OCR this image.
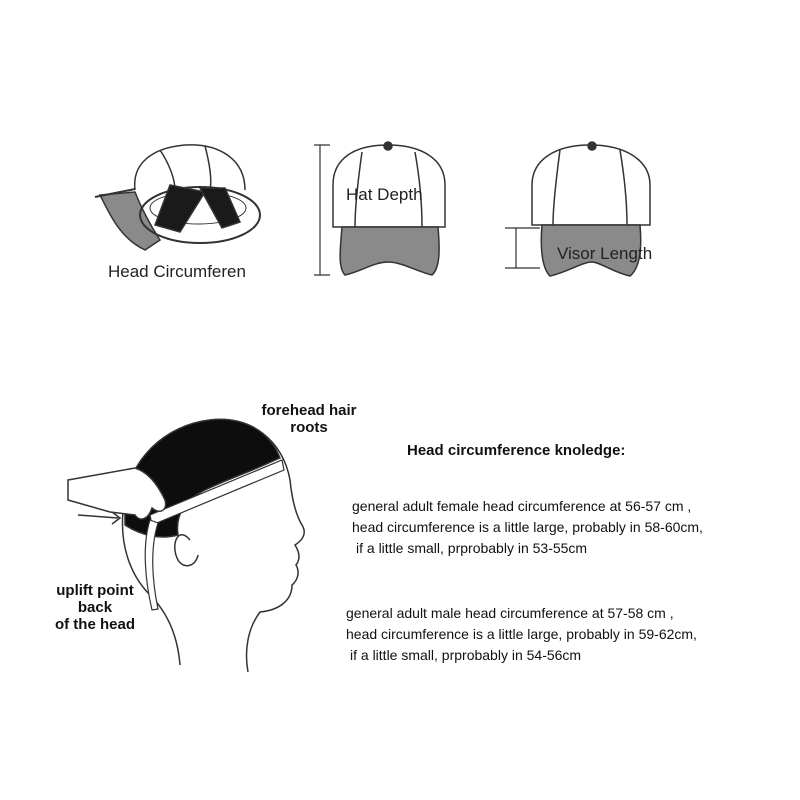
Head Circumferen
Hat Depth
Visor Length
forehead hair
roots
uplift point
back
of the head
Head circumference knoledge:
general adult female head circumference at 56-57 cm ,
head circumference is a little large, probably in 58-60cm,
if a little small, prprobably in 53-55cm
general adult male head circumference at 57-58 cm ,
head circumference is a little large, probably in 59-62cm,
if a little small, prprobably in 54-56cm
